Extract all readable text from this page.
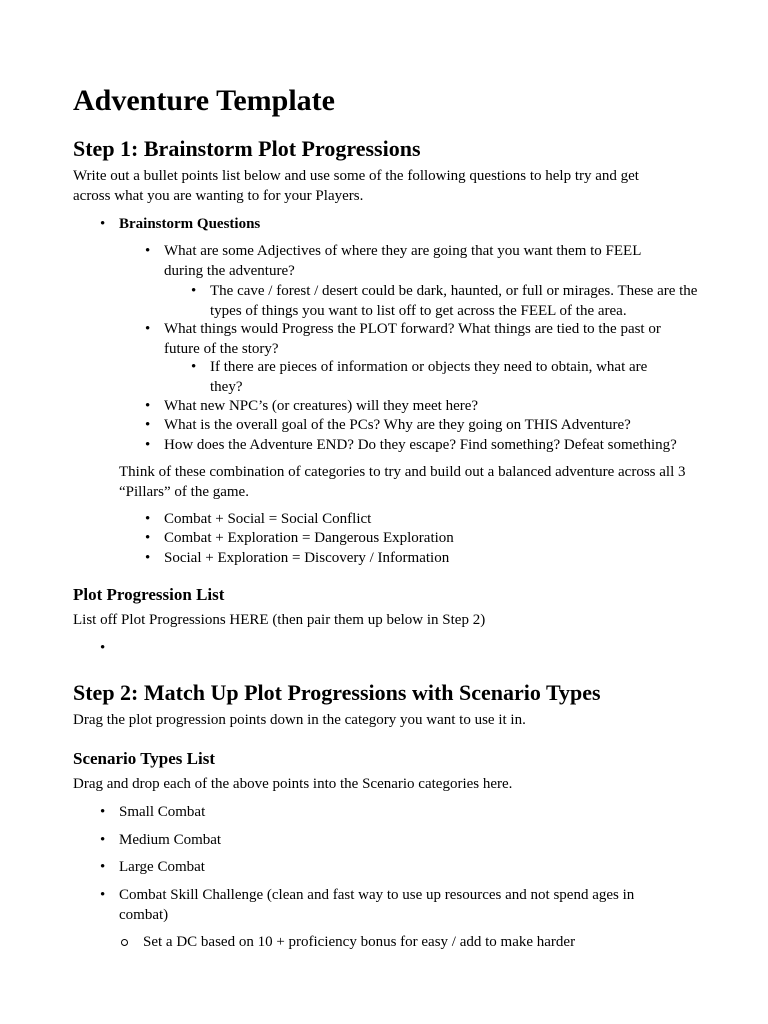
Adventure Template
Step 1: Brainstorm Plot Progressions

Write out a bullet points list below and use some of the following questions to help try and get across what you are wanting to for your Players.

• Brainstorm Questions
• What are some Adjectives of where they are going that you want them to FEEL during the adventure?
• The cave / forest / desert could be dark, haunted, or full or mirages. These are the types of things you want to list off to get across the FEEL of the area.
• What things would Progress the PLOT forward? What things are tied to the past or future of the story?
• If there are pieces of information or objects they need to obtain, what are they?
• What new NPC’s (or creatures) will they meet here?
• What is the overall goal of the PCs? Why are they going on THIS Adventure?
• How does the Adventure END? Do they escape? Find something? Defeat something?

Think of these combination of categories to try and build out a balanced adventure across all 3 “Pillars” of the game.

• Combat + Social = Social Conflict
• Combat + Exploration = Dangerous Exploration
• Social + Exploration = Discovery / Information
Plot Progression List

List off Plot Progressions HERE (then pair them up below in Step 2)

•
Step 2: Match Up Plot Progressions with Scenario Types

Drag the plot progression points down in the category you want to use it in.

Scenario Types List

Drag and drop each of the above points into the Scenario categories here.

• Small Combat
• Medium Combat
• Large Combat
• Combat Skill Challenge (clean and fast way to use up resources and not spend ages in combat)
Set a DC based on 10 + proficiency bonus for easy / add to make harder
